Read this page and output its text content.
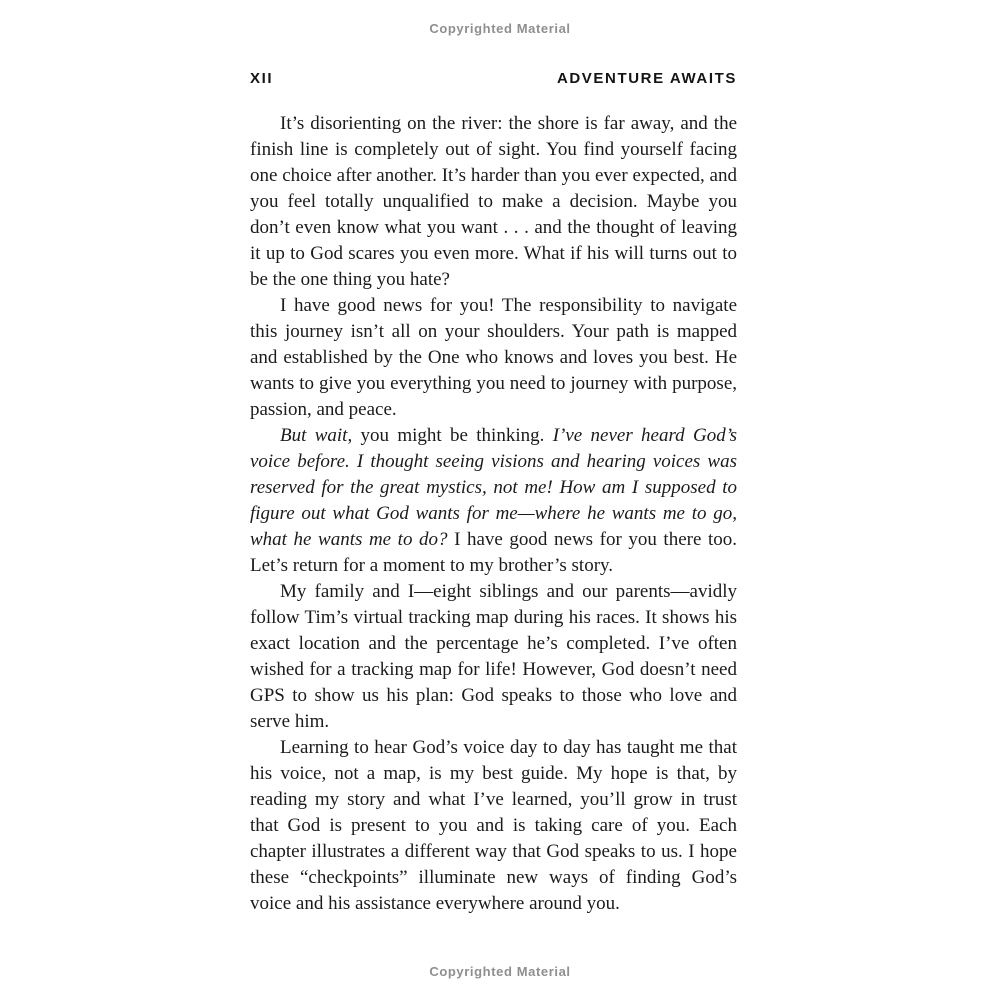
Copyrighted Material
XII	ADVENTURE AWAITS

It’s disorienting on the river: the shore is far away, and the finish line is completely out of sight. You find yourself facing one choice after another. It’s harder than you ever expected, and you feel totally unqualified to make a decision. Maybe you don’t even know what you want . . . and the thought of leaving it up to God scares you even more. What if his will turns out to be the one thing you hate?

I have good news for you! The responsibility to navigate this journey isn’t all on your shoulders. Your path is mapped and established by the One who knows and loves you best. He wants to give you everything you need to journey with purpose, passion, and peace.

But wait, you might be thinking. I’ve never heard God’s voice before. I thought seeing visions and hearing voices was reserved for the great mystics, not me! How am I supposed to figure out what God wants for me—where he wants me to go, what he wants me to do? I have good news for you there too. Let’s return for a moment to my brother’s story.

My family and I—eight siblings and our parents—avidly follow Tim’s virtual tracking map during his races. It shows his exact location and the percentage he’s completed. I’ve often wished for a tracking map for life! However, God doesn’t need GPS to show us his plan: God speaks to those who love and serve him.

Learning to hear God’s voice day to day has taught me that his voice, not a map, is my best guide. My hope is that, by reading my story and what I’ve learned, you’ll grow in trust that God is present to you and is taking care of you. Each chapter illustrates a different way that God speaks to us. I hope these “checkpoints” illuminate new ways of finding God’s voice and his assistance everywhere around you.

Copyrighted Material
